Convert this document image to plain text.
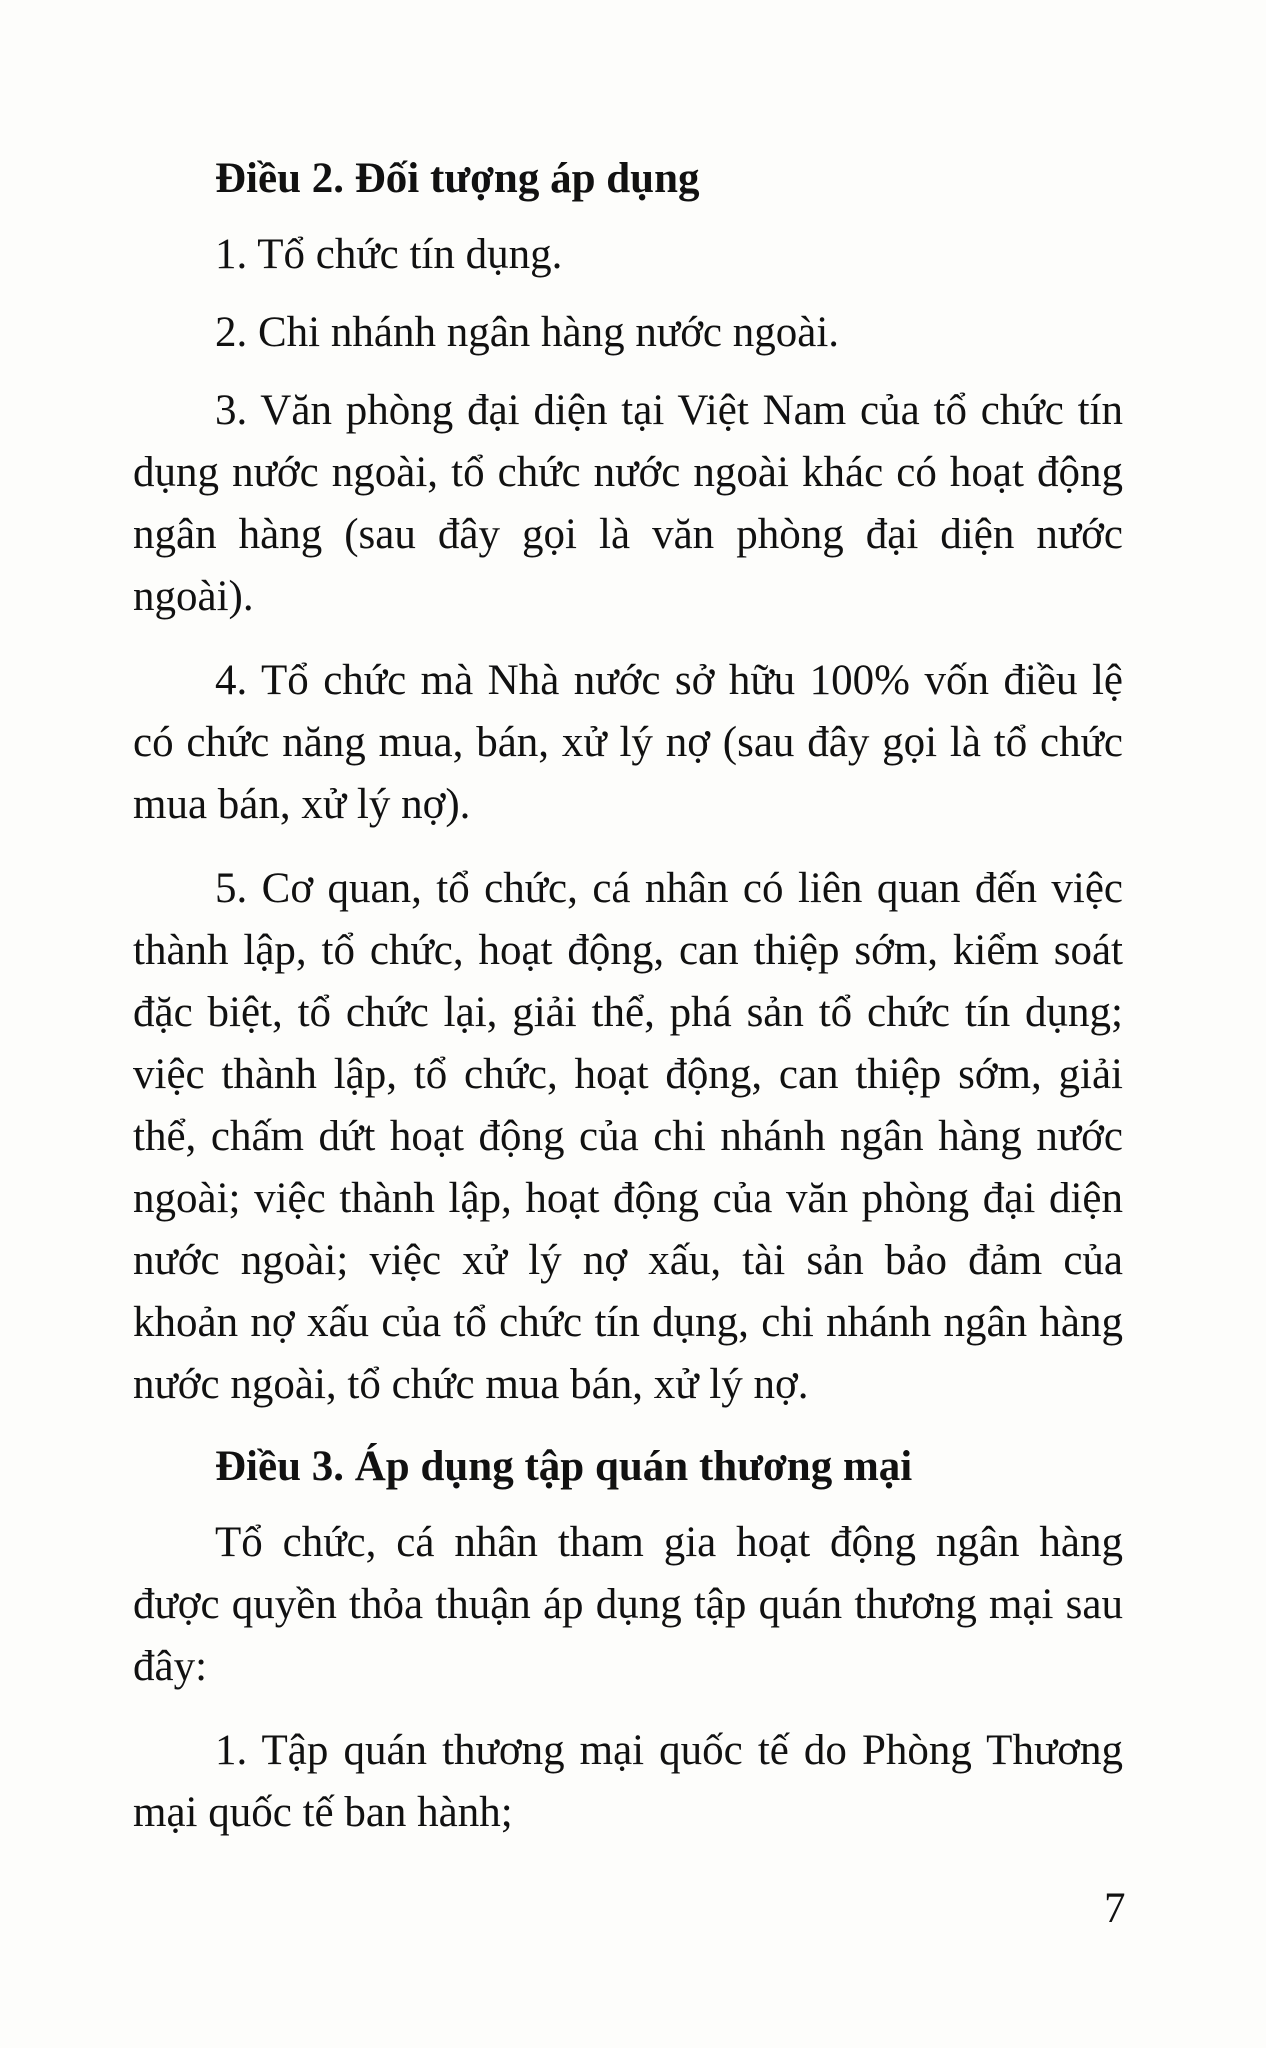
Điều 2. Đối tượng áp dụng

1. Tổ chức tín dụng.

2. Chi nhánh ngân hàng nước ngoài.

3. Văn phòng đại diện tại Việt Nam của tổ chức tín dụng nước ngoài, tổ chức nước ngoài khác có hoạt động ngân hàng (sau đây gọi là văn phòng đại diện nước ngoài).

4. Tổ chức mà Nhà nước sở hữu 100% vốn điều lệ có chức năng mua, bán, xử lý nợ (sau đây gọi là tổ chức mua bán, xử lý nợ).

5. Cơ quan, tổ chức, cá nhân có liên quan đến việc thành lập, tổ chức, hoạt động, can thiệp sớm, kiểm soát đặc biệt, tổ chức lại, giải thể, phá sản tổ chức tín dụng; việc thành lập, tổ chức, hoạt động, can thiệp sớm, giải thể, chấm dứt hoạt động của chi nhánh ngân hàng nước ngoài; việc thành lập, hoạt động của văn phòng đại diện nước ngoài; việc xử lý nợ xấu, tài sản bảo đảm của khoản nợ xấu của tổ chức tín dụng, chi nhánh ngân hàng nước ngoài, tổ chức mua bán, xử lý nợ.

Điều 3. Áp dụng tập quán thương mại

Tổ chức, cá nhân tham gia hoạt động ngân hàng được quyền thỏa thuận áp dụng tập quán thương mại sau đây:

1. Tập quán thương mại quốc tế do Phòng Thương mại quốc tế ban hành;

7
